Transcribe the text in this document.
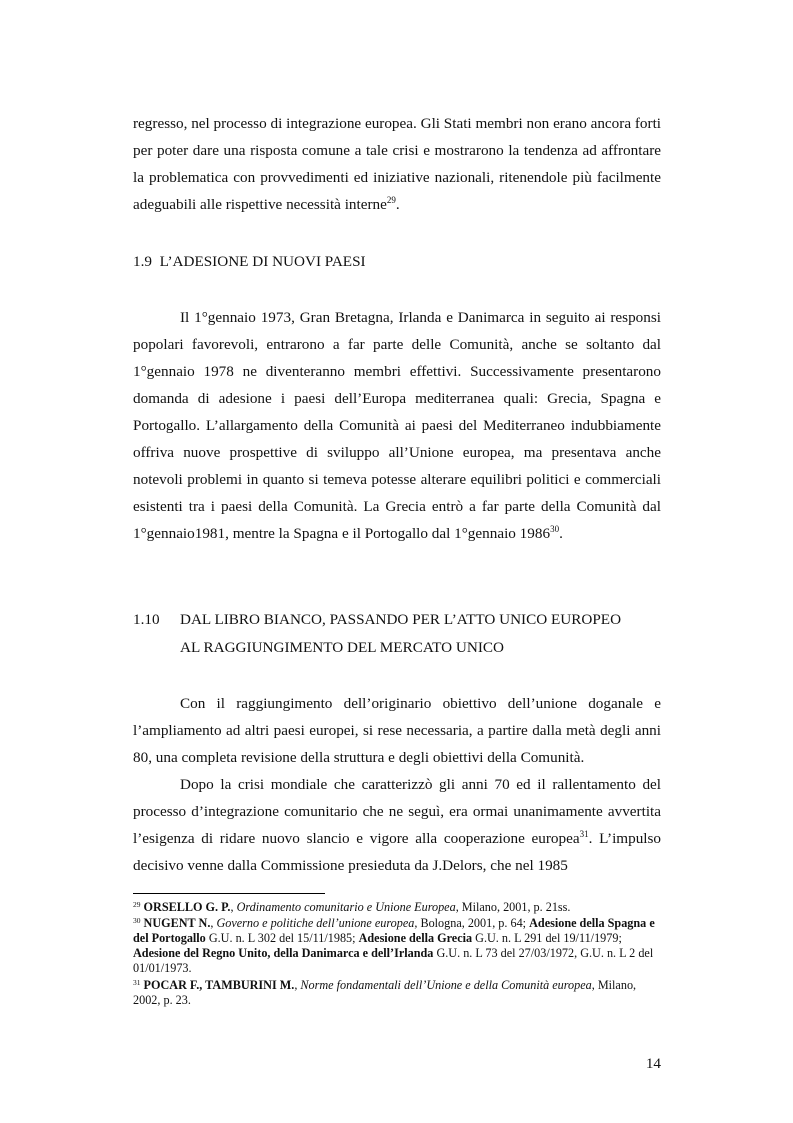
regresso, nel processo di integrazione europea. Gli Stati membri non erano ancora forti per poter dare una risposta comune a tale crisi e mostrarono la tendenza ad affrontare la problematica con provvedimenti ed iniziative nazionali, ritenendole più facilmente adeguabili alle rispettive necessità interne$^{29}$.

1.9 L’ADESIONE DI NUOVI PAESI

Il 1°gennaio 1973, Gran Bretagna, Irlanda e Danimarca in seguito ai responsi popolari favorevoli, entrarono a far parte delle Comunità, anche se soltanto dal 1°gennaio 1978 ne diventeranno membri effettivi. Successivamente presentarono domanda di adesione i paesi dell’Europa mediterranea quali: Grecia, Spagna e Portogallo. L’allargamento della Comunità ai paesi del Mediterraneo indubbiamente offriva nuove prospettive di sviluppo all’Unione europea, ma presentava anche notevoli problemi in quanto si temeva potesse alterare equilibri politici e commerciali esistenti tra i paesi della Comunità. La Grecia entrò a far parte della Comunità dal 1°gennaio1981, mentre la Spagna e il Portogallo dal 1°gennaio 1986$^{30}$.

1.10 DAL LIBRO BIANCO, PASSANDO PER L’ATTO UNICO EUROPEO
AL RAGGIUNGIMENTO DEL MERCATO UNICO

Con il raggiungimento dell’originario obiettivo dell’unione doganale e l’ampliamento ad altri paesi europei, si rese necessaria, a partire dalla metà degli anni 80, una completa revisione della struttura e degli obiettivi della Comunità.

Dopo la crisi mondiale che caratterizzò gli anni 70 ed il rallentamento del processo d’integrazione comunitario che ne seguì, era ormai unanimamente avvertita l’esigenza di ridare nuovo slancio e vigore alla cooperazione europea$^{31}$. L’impulso decisivo venne dalla Commissione presieduta da J.Delors, che nel 1985

$^{29}$ ORSELLO G. P., Ordinamento comunitario e Unione Europea, Milano, 2001, p. 21ss.

$^{30}$ NUGENT N., Governo e politiche dell’unione europea, Bologna, 2001, p. 64; Adesione della Spagna e del Portogallo G.U. n. L 302 del 15/11/1985; Adesione della Grecia G.U. n. L 291 del 19/11/1979; Adesione del Regno Unito, della Danimarca e dell’Irlanda G.U. n. L 73 del 27/03/1972, G.U. n. L 2 del 01/01/1973.

$^{31}$ POCAR F., TAMBURINI M., Norme fondamentali dell’Unione e della Comunità europea, Milano, 2002, p. 23.

14
